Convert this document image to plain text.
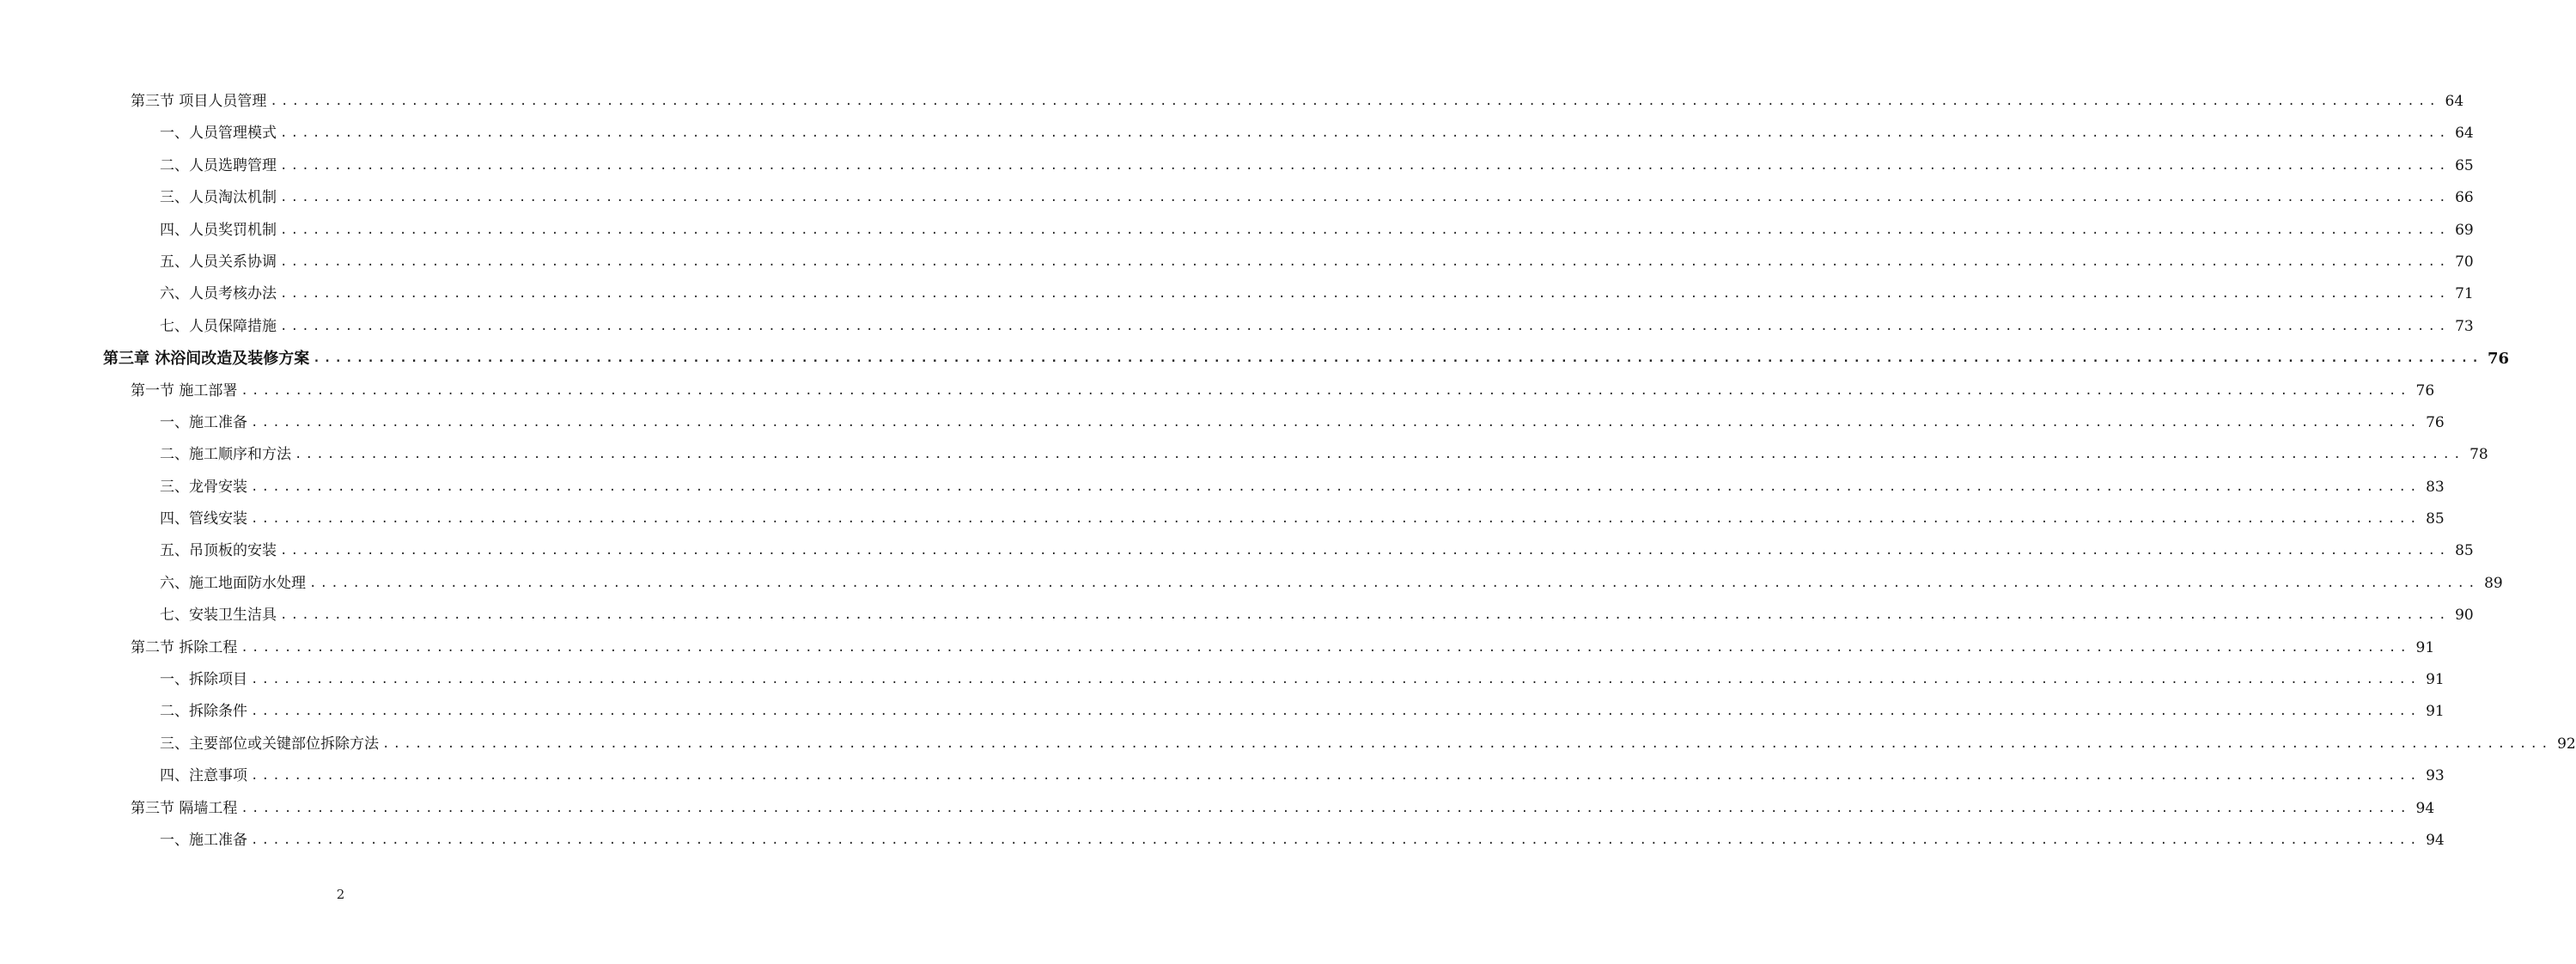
第三节 项目人员管理 ........................................................................................................................................................................................................ 64
一、人员管理模式 ........................................................................................................................................................................................................ 64
二、人员选聘管理 ........................................................................................................................................................................................................ 65
三、人员淘汰机制 ........................................................................................................................................................................................................ 66
四、人员奖罚机制 ........................................................................................................................................................................................................ 69
五、人员关系协调 ........................................................................................................................................................................................................ 70
六、人员考核办法 ........................................................................................................................................................................................................ 71
七、人员保障措施 ........................................................................................................................................................................................................ 73
第三章 沐浴间改造及装修方案 ........................................................................................................................................................................................................ 76
第一节 施工部署 ........................................................................................................................................................................................................ 76
一、施工准备 ........................................................................................................................................................................................................ 76
二、施工顺序和方法 ........................................................................................................................................................................................................ 78
三、龙骨安装 ........................................................................................................................................................................................................ 83
四、管线安装 ........................................................................................................................................................................................................ 85
五、吊顶板的安装 ........................................................................................................................................................................................................ 85
六、施工地面防水处理 ........................................................................................................................................................................................................ 89
七、安装卫生洁具 ........................................................................................................................................................................................................ 90
第二节 拆除工程 ........................................................................................................................................................................................................ 91
一、拆除项目 ........................................................................................................................................................................................................ 91
二、拆除条件 ........................................................................................................................................................................................................ 91
三、主要部位或关键部位拆除方法 ........................................................................................................................................................................................................ 92
四、注意事项 ........................................................................................................................................................................................................ 93
第三节 隔墙工程 ........................................................................................................................................................................................................ 94
一、施工准备 ........................................................................................................................................................................................................ 94
2
